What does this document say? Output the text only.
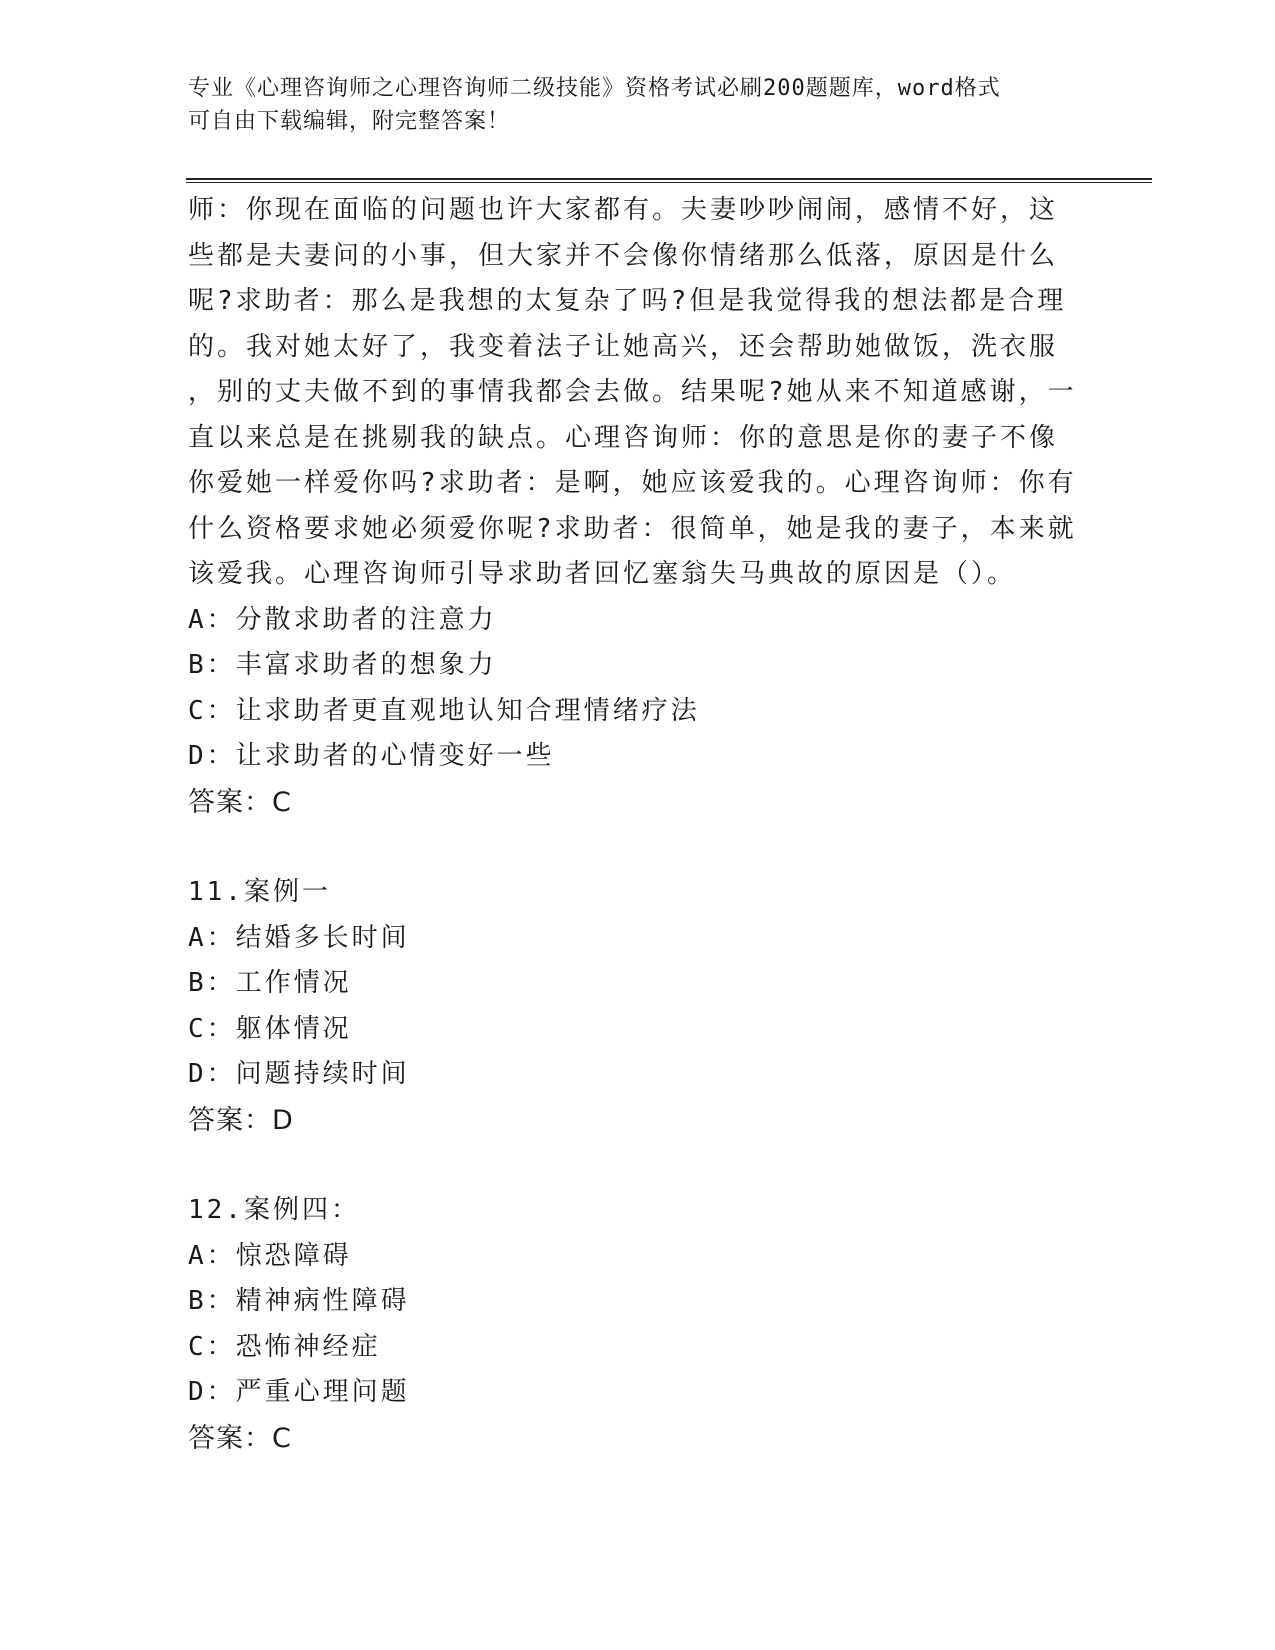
专业《心理咨询师之心理咨询师二级技能》资格考试必刷200题题库，word格式
可自由下载编辑，附完整答案！

师：你现在面临的问题也许大家都有。夫妻吵吵闹闹，感情不好，这

些都是夫妻问的小事，但大家并不会像你情绪那么低落，原因是什么

呢?求助者：那么是我想的太复杂了吗?但是我觉得我的想法都是合理

的。我对她太好了，我变着法子让她高兴，还会帮助她做饭，洗衣服

，别的丈夫做不到的事情我都会去做。结果呢?她从来不知道感谢，一

直以来总是在挑剔我的缺点。心理咨询师：你的意思是你的妻子不像

你爱她一样爱你吗?求助者：是啊，她应该爱我的。心理咨询师：你有

什么资格要求她必须爱你呢?求助者：很简单，她是我的妻子，本来就

该爱我。心理咨询师引导求助者回忆塞翁失马典故的原因是（）。

A：分散求助者的注意力

B：丰富求助者的想象力

C：让求助者更直观地认知合理情绪疗法

D：让求助者的心情变好一些

答案：C

11.案例一

A：结婚多长时间

B：工作情况

C：躯体情况

D：问题持续时间

答案：D

12.案例四：

A：惊恐障碍

B：精神病性障碍

C：恐怖神经症

D：严重心理问题

答案：C
